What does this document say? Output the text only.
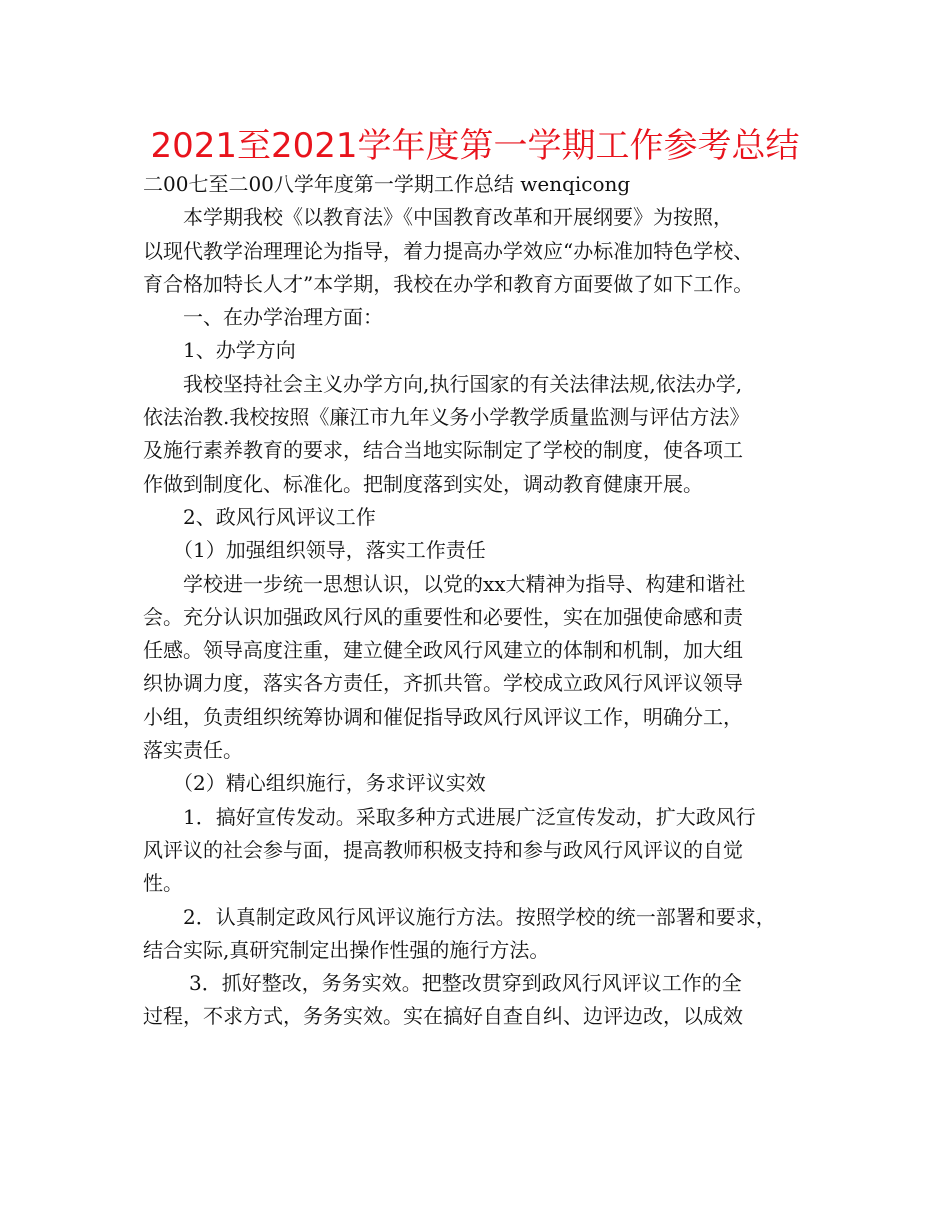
2021至2021学年度第一学期工作参考总结

二00七至二00八学年度第一学期工作总结 wenqicong

本学期我校《以教育法》《中国教育改革和开展纲要》为按照，

以现代教学治理理论为指导，着力提高办学效应“办标准加特色学校、

育合格加特长人才”本学期，我校在办学和教育方面要做了如下工作。

一、在办学治理方面：

1、办学方向

我校坚持社会主义办学方向,执行国家的有关法律法规,依法办学,

依法治教.我校按照《廉江市九年义务小学教学质量监测与评估方法》

及施行素养教育的要求，结合当地实际制定了学校的制度，使各项工

作做到制度化、标准化。把制度落到实处，调动教育健康开展。

2、政风行风评议工作

（1）加强组织领导，落实工作责任

学校进一步统一思想认识，以党的xx大精神为指导、构建和谐社

会。充分认识加强政风行风的重要性和必要性，实在加强使命感和责

任感。领导高度注重，建立健全政风行风建立的体制和机制，加大组

织协调力度，落实各方责任，齐抓共管。学校成立政风行风评议领导

小组，负责组织统筹协调和催促指导政风行风评议工作，明确分工，

落实责任。

（2）精心组织施行，务求评议实效

1．搞好宣传发动。采取多种方式进展广泛宣传发动，扩大政风行

风评议的社会参与面，提高教师积极支持和参与政风行风评议的自觉

性。

2．认真制定政风行风评议施行方法。按照学校的统一部署和要求，

结合实际,真研究制定出操作性强的施行方法。

3．抓好整改，务务实效。把整改贯穿到政风行风评议工作的全

过程，不求方式，务务实效。实在搞好自查自纠、边评边改，以成效
